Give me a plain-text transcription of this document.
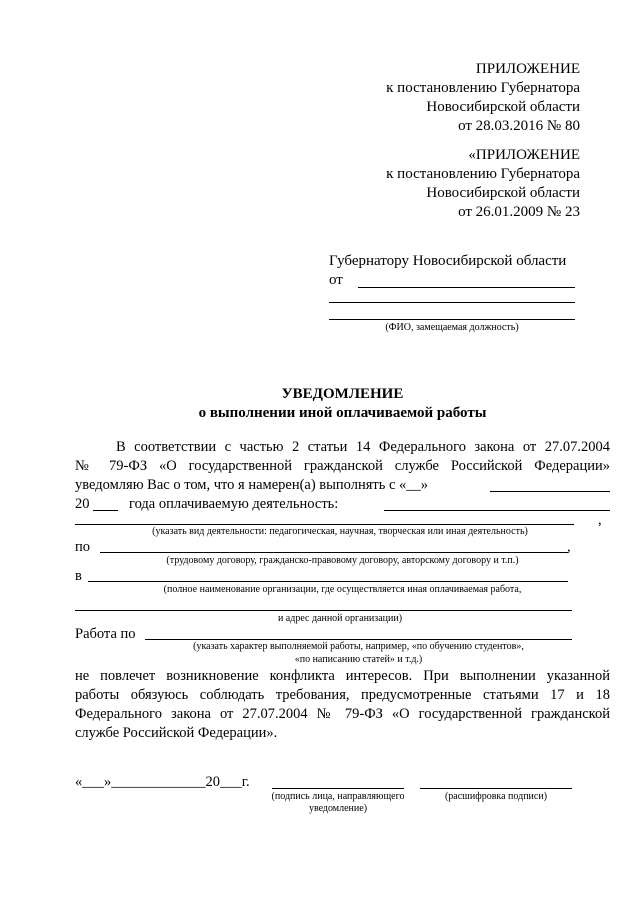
ПРИЛОЖЕНИЕ
к постановлению Губернатора
Новосибирской области
от 28.03.2016 № 80
«ПРИЛОЖЕНИЕ
к постановлению Губернатора
Новосибирской области
от 26.01.2009 № 23
Губернатору Новосибирской области
от
(ФИО, замещаемая должность)
УВЕДОМЛЕНИЕ
о выполнении иной оплачиваемой работы
В соответствии с частью 2 статьи 14 Федерального закона от 27.07.2004
№ 79-ФЗ «О государственной гражданской службе Российской Федерации»
уведомляю Вас о том, что я намерен(а) выполнять с «__»
20	года оплачиваемую деятельность:
,
(указать вид деятельности: педагогическая, научная, творческая или иная деятельность)
по	,
(трудовому договору, гражданско-правовому договору, авторскому договору и т.п.)
в
(полное наименование организации, где осуществляется иная оплачиваемая работа,
и адрес данной организации)
Работа по
(указать характер выполняемой работы, например, «по обучению студентов»,
«по написанию статей» и т.д.)
не повлечет возникновение конфликта интересов. При выполнении указанной
работы обязуюсь соблюдать требования, предусмотренные статьями 17 и 18
Федерального закона от 27.07.2004 № 79-ФЗ «О государственной гражданской
службе Российской Федерации».
«___»_____________20___г.
(подпись лица, направляющего
уведомление)
(расшифровка подписи)
